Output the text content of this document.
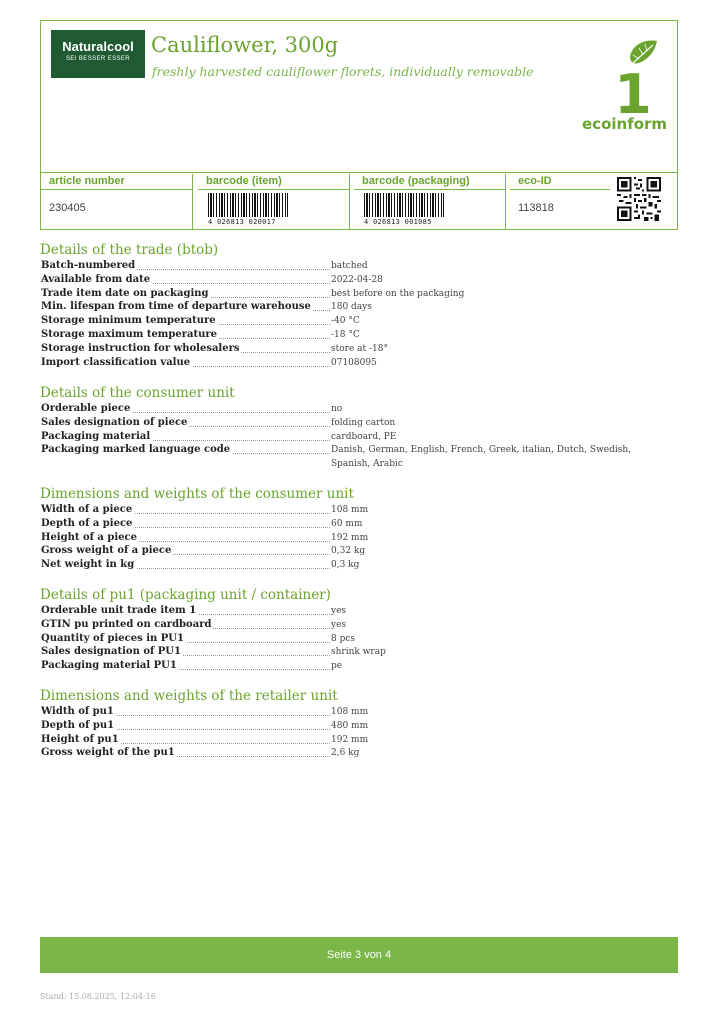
Naturalcool
SEI BESSER ESSER
Cauliflower, 300g
freshly harvested cauliflower florets, individually removable 1
ecoinform
article number
230405
barcode (item)
4 026813 020017
barcode (packaging)
4 026813 001085
eco-ID
113818
Details of the trade (btob)
Batch-numbered	batched
Available from date	2022-04-28
Trade item date on packaging	best before on the packaging
Min. lifespan from time of departure warehouse	180 days
Storage minimum temperature	-40 °C
Storage maximum temperature	-18 °C
Storage instruction for wholesalers	store at -18°
Import classification value	07108095
Details of the consumer unit
Orderable piece	no
Sales designation of piece	folding carton
Packaging material	cardboard, PE
Packaging marked language code	Danish, German, English, French, Greek, italian, Dutch, Swedish, Spanish, Arabic
Dimensions and weights of the consumer unit
Width of a piece	108 mm
Depth of a piece	60 mm
Height of a piece	192 mm
Gross weight of a piece	0,32 kg
Net weight in kg	0,3 kg
Details of pu1 (packaging unit / container)
Orderable unit trade item 1	yes
GTIN pu printed on cardboard	yes
Quantity of pieces in PU1	8 pcs
Sales designation of PU1	shrink wrap
Packaging material PU1	pe
Dimensions and weights of the retailer unit
Width of pu1	108 mm
Depth of pu1	480 mm
Height of pu1	192 mm
Gross weight of the pu1	2,6 kg
Seite 3 von 4
Stand: 15.08.2025, 12:04:16
